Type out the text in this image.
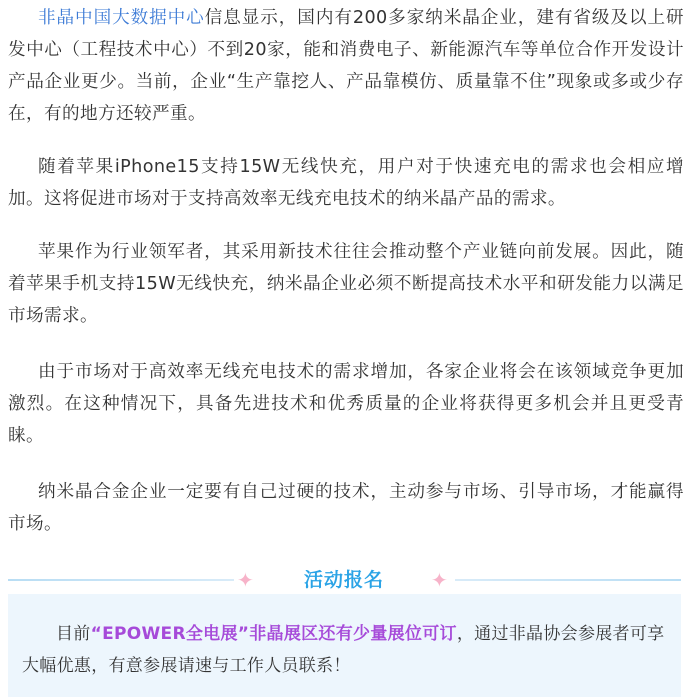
非晶中国大数据中心信息显示，国内有200多家纳米晶企业，建有省级及以上研发中心（工程技术中心）不到20家，能和消费电子、新能源汽车等单位合作开发设计产品企业更少。当前，企业“生产靠挖人、产品靠模仿、质量靠不住”现象或多或少存在，有的地方还较严重。

随着苹果iPhone15支持15W无线快充，用户对于快速充电的需求也会相应增加。这将促进市场对于支持高效率无线充电技术的纳米晶产品的需求。

苹果作为行业领军者，其采用新技术往往会推动整个产业链向前发展。因此，随着苹果手机支持15W无线快充，纳米晶企业必须不断提高技术水平和研发能力以满足市场需求。

由于市场对于高效率无线充电技术的需求增加，各家企业将会在该领域竞争更加激烈。在这种情况下，具备先进技术和优秀质量的企业将获得更多机会并且更受青睐。

纳米晶合金企业一定要有自己过硬的技术，主动参与市场、引导市场，才能赢得市场。

✦	活动报名	✦

目前“EPOWER全电展”非晶展区还有少量展位可订，通过非晶协会参展者可享大幅优惠，有意参展请速与工作人员联系！
